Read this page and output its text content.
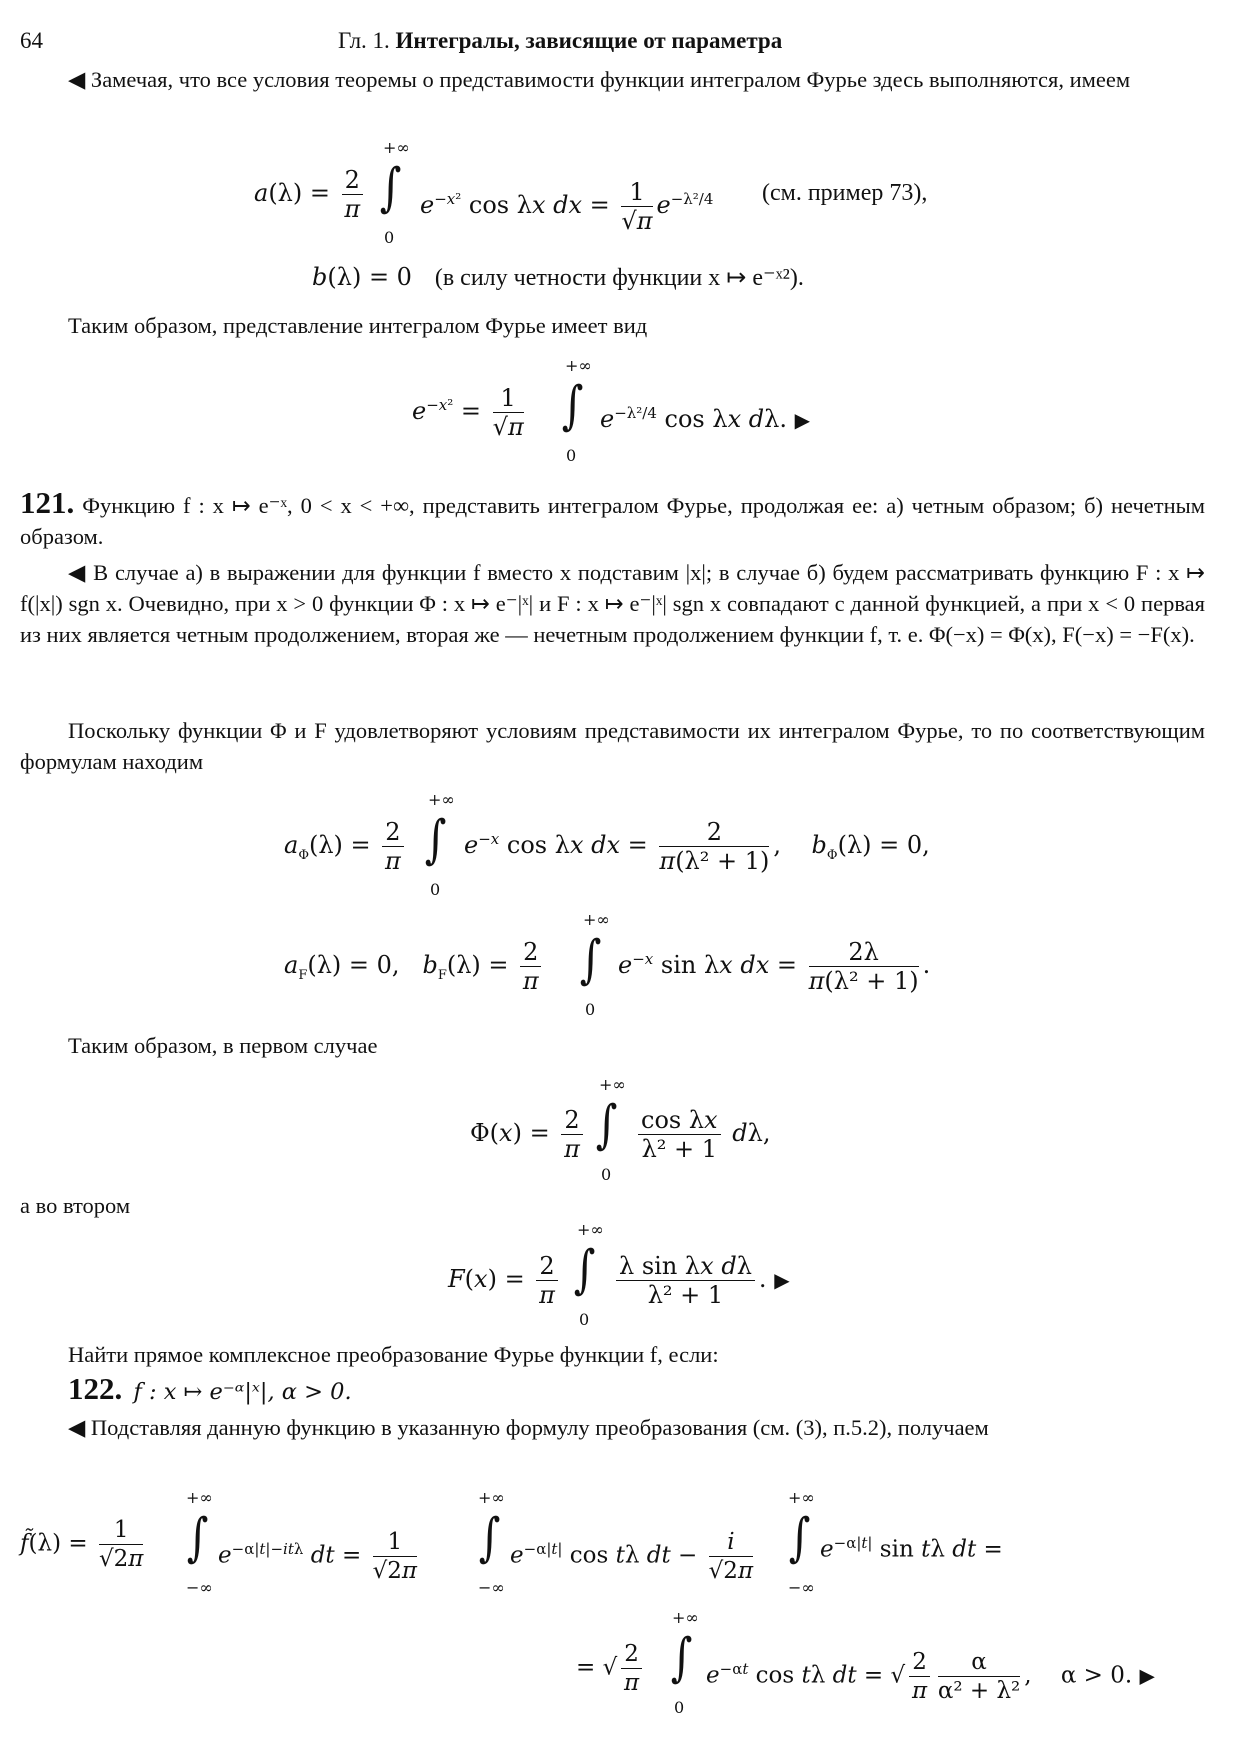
64	Гл. 1. Интегралы, зависящие от параметра
◀ Замечая, что все условия теоремы о представимости функции интегралом Фурье здесь выполняются, имеем
+∞
∫
0
$a(\lambda) = \frac{2}{\pi} e^{-x^2}$ cos λx dx = $\frac{1}{√\pi} e^{-\lambda^2/4}$ (см. пример 73),
b(λ) = 0   (в силу четности функции x ↦ e⁻ˣ²).
Таким образом, представление интегралом Фурье имеет вид
+∞
∫
0
$e^{-x^2} = \frac{1}{√\pi}$	$e^{-\lambda^2/4}$ cos λx dλ. ▶
121. Функцию f : x ↦ e⁻ˣ, 0 < x < +∞, представить интегралом Фурье, продолжая ее: а) четным образом; б) нечетным образом.
◀ В случае а) в выражении для функции f вместо x подставим |x|; в случае б) будем рассматривать функцию F : x ↦ f(|x|) sgn x. Очевидно, при x > 0 функции Φ : x ↦ e⁻|ˣ| и F : x ↦ e⁻|ˣ| sgn x совпадают с данной функцией, а при x < 0 первая из них является четным продолжением, вторая же — нечетным продолжением функции f, т. е. Φ(−x) = Φ(x), F(−x) = −F(x).
Поскольку функции Φ и F удовлетворяют условиям представимости их интегралом Фурье, то по соответствующим формулам находим
+∞
∫
0
$a_\Phi(\lambda) = \frac{2}{\pi}$	$e^{-x}$ cos λx dx = $\frac{2}{\text{π(λ² + 1)}}$ ,    $b_\Phi(\lambda) = 0$,
+∞
∫
0
$a_F(\lambda) = 0$,   $b_F(\lambda) = \frac{2}{\pi}$	$e^{-x}$ sin λx dx = $\frac{2\lambda}{\text{π(λ² + 1)}}$ .
Таким образом, в первом случае
+∞
∫
0
$\Phi(x) = \frac{2}{\pi} \frac{\text{cos λx}}{\text{λ² + 1}} d\lambda$,
а во втором
+∞
∫
0
$F(x) = \frac{2}{\pi} \frac{\text{λ sin λx dλ}}{\text{λ² + 1}}$ . ▶
Найти прямое комплексное преобразование Фурье функции f, если:
122. f : x ↦ e⁻ᵅ|ˣ|, α > 0.
◀ Подставляя данную функцию в указанную формулу преобразования (см. (3), п.5.2), получаем
+∞
∫
−∞
+∞
∫
−∞
+∞
∫
−∞
f̃(λ) = $\frac{1}{√2\pi}$	$e^{-\alpha|t|-it\lambda}$ dt = $\frac{1}{√2\pi}$	$e^{-\alpha|t|}$ cos tλ dt − $\frac{i}{√2\pi}$	$e^{-\alpha|t|}$ sin tλ dt =
+∞
∫
0
= √ $\frac{2}{\pi}$	$e^{-\alpha t}$ cos tλ dt = √ $\frac{2}{\pi} \frac{\alpha}{\text{α² + λ²}}$ ,    α > 0. ▶
